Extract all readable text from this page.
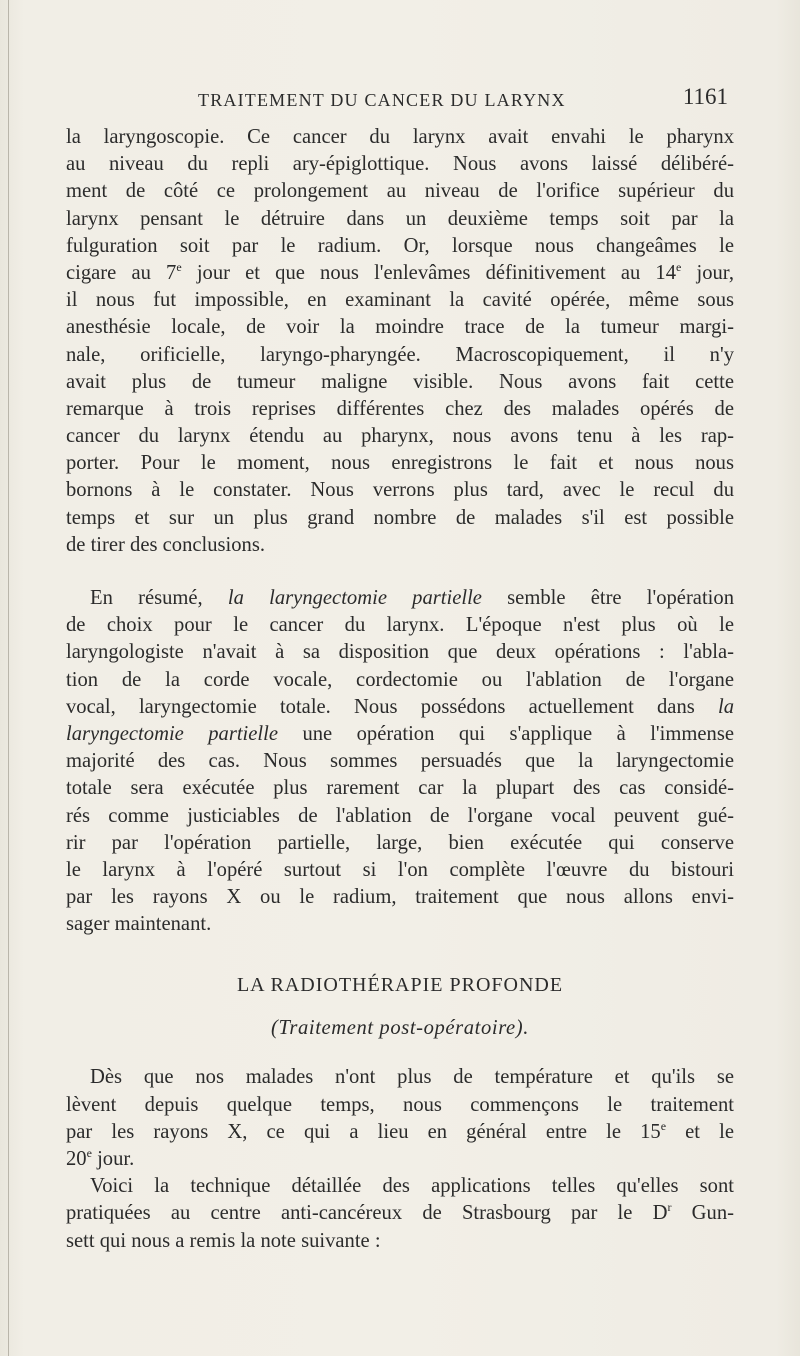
TRAITEMENT DU CANCER DU LARYNX	1161
la laryngoscopie. Ce cancer du larynx avait envahi le pharynx
au niveau du repli ary-épiglottique. Nous avons laissé délibéré-
ment de côté ce prolongement au niveau de l'orifice supérieur du
larynx pensant le détruire dans un deuxième temps soit par la
fulguration soit par le radium. Or, lorsque nous changeâmes le
cigare au 7e jour et que nous l'enlevâmes définitivement au 14e jour,
il nous fut impossible, en examinant la cavité opérée, même sous
anesthésie locale, de voir la moindre trace de la tumeur margi-
nale, orificielle, laryngo-pharyngée. Macroscopiquement, il n'y
avait plus de tumeur maligne visible. Nous avons fait cette
remarque à trois reprises différentes chez des malades opérés de
cancer du larynx étendu au pharynx, nous avons tenu à les rap-
porter. Pour le moment, nous enregistrons le fait et nous nous
bornons à le constater. Nous verrons plus tard, avec le recul du
temps et sur un plus grand nombre de malades s'il est possible
de tirer des conclusions.
En résumé, la laryngectomie partielle semble être l'opération
de choix pour le cancer du larynx. L'époque n'est plus où le
laryngologiste n'avait à sa disposition que deux opérations : l'abla-
tion de la corde vocale, cordectomie ou l'ablation de l'organe
vocal, laryngectomie totale. Nous possédons actuellement dans la
laryngectomie partielle une opération qui s'applique à l'immense
majorité des cas. Nous sommes persuadés que la laryngectomie
totale sera exécutée plus rarement car la plupart des cas considé-
rés comme justiciables de l'ablation de l'organe vocal peuvent gué-
rir par l'opération partielle, large, bien exécutée qui conserve
le larynx à l'opéré surtout si l'on complète l'œuvre du bistouri
par les rayons X ou le radium, traitement que nous allons envi-
sager maintenant.
LA RADIOTHÉRAPIE PROFONDE
(Traitement post-opératoire).
Dès que nos malades n'ont plus de température et qu'ils se
lèvent depuis quelque temps, nous commençons le traitement
par les rayons X, ce qui a lieu en général entre le 15e et le
20e jour.
Voici la technique détaillée des applications telles qu'elles sont
pratiquées au centre anti-cancéreux de Strasbourg par le $D^r$ Gun-
sett qui nous a remis la note suivante :
